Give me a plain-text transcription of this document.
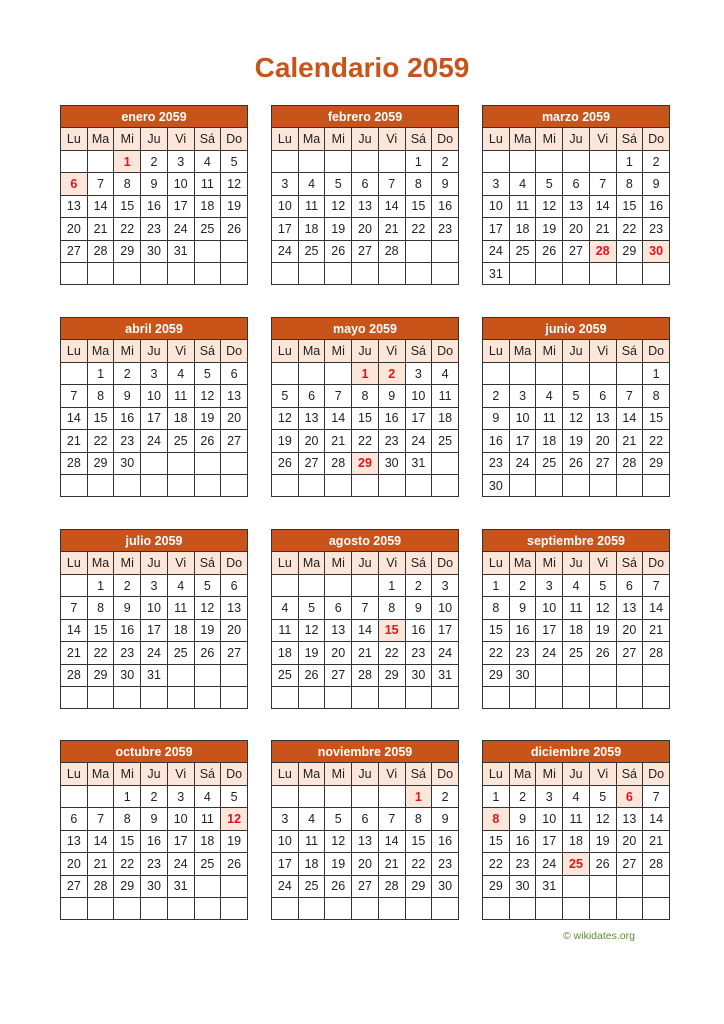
Calendario 2059
enero 2059						
Lu	Ma	Mi	Ju	Vi	Sá	Do
		1	2	3	4	5
6	7	8	9	10	11	12
13	14	15	16	17	18	19
20	21	22	23	24	25	26
27	28	29	30	31		

febrero 2059						
Lu	Ma	Mi	Ju	Vi	Sá	Do
					1	2
3	4	5	6	7	8	9
10	11	12	13	14	15	16
17	18	19	20	21	22	23
24	25	26	27	28		

marzo 2059						
Lu	Ma	Mi	Ju	Vi	Sá	Do
					1	2
3	4	5	6	7	8	9
10	11	12	13	14	15	16
17	18	19	20	21	22	23
24	25	26	27	28	29	30
31						
abril 2059						
Lu	Ma	Mi	Ju	Vi	Sá	Do
	1	2	3	4	5	6
7	8	9	10	11	12	13
14	15	16	17	18	19	20
21	22	23	24	25	26	27
28	29	30				

mayo 2059						
Lu	Ma	Mi	Ju	Vi	Sá	Do
			1	2	3	4
5	6	7	8	9	10	11
12	13	14	15	16	17	18
19	20	21	22	23	24	25
26	27	28	29	30	31	

junio 2059						
Lu	Ma	Mi	Ju	Vi	Sá	Do
						1
2	3	4	5	6	7	8
9	10	11	12	13	14	15
16	17	18	19	20	21	22
23	24	25	26	27	28	29
30						
julio 2059						
Lu	Ma	Mi	Ju	Vi	Sá	Do
	1	2	3	4	5	6
7	8	9	10	11	12	13
14	15	16	17	18	19	20
21	22	23	24	25	26	27
28	29	30	31			

agosto 2059						
Lu	Ma	Mi	Ju	Vi	Sá	Do
				1	2	3
4	5	6	7	8	9	10
11	12	13	14	15	16	17
18	19	20	21	22	23	24
25	26	27	28	29	30	31

septiembre 2059						
Lu	Ma	Mi	Ju	Vi	Sá	Do
1	2	3	4	5	6	7
8	9	10	11	12	13	14
15	16	17	18	19	20	21
22	23	24	25	26	27	28
29	30					

octubre 2059						
Lu	Ma	Mi	Ju	Vi	Sá	Do
		1	2	3	4	5
6	7	8	9	10	11	12
13	14	15	16	17	18	19
20	21	22	23	24	25	26
27	28	29	30	31		

noviembre 2059						
Lu	Ma	Mi	Ju	Vi	Sá	Do
					1	2
3	4	5	6	7	8	9
10	11	12	13	14	15	16
17	18	19	20	21	22	23
24	25	26	27	28	29	30

diciembre 2059						
Lu	Ma	Mi	Ju	Vi	Sá	Do
1	2	3	4	5	6	7
8	9	10	11	12	13	14
15	16	17	18	19	20	21
22	23	24	25	26	27	28
29	30	31				

© wikidates.org
